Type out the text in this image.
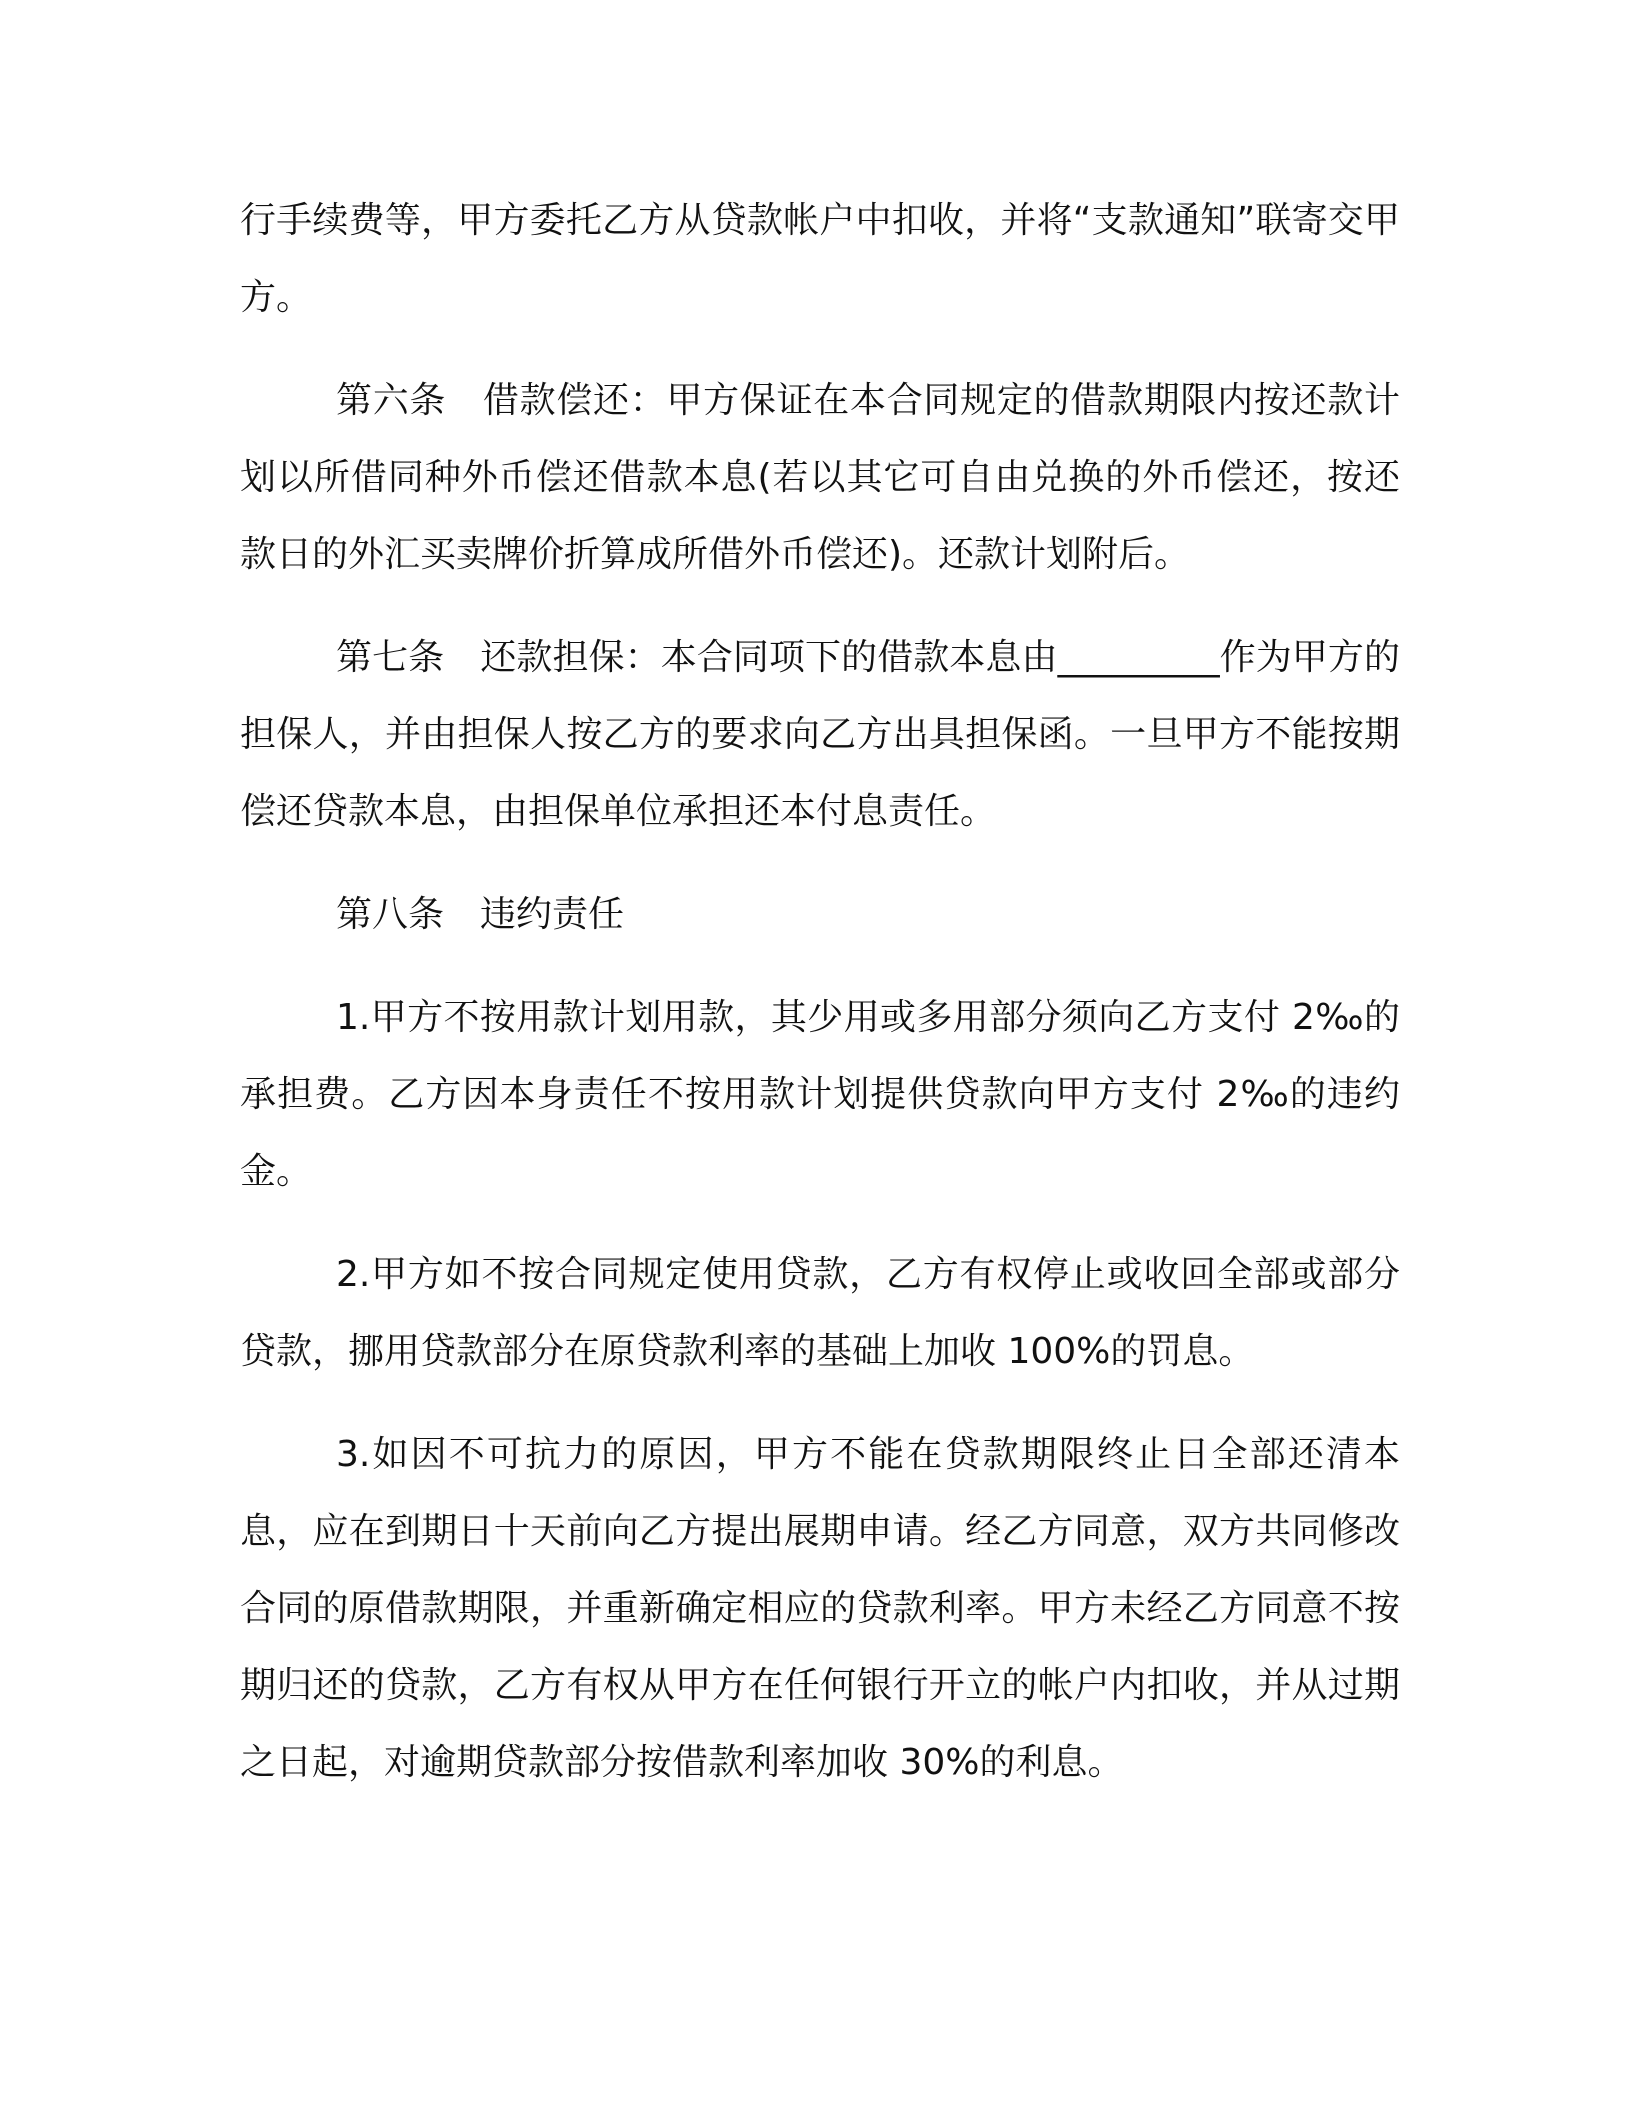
行手续费等，甲方委托乙方从贷款帐户中扣收，并将“支款通知”联寄交甲方。

第六条　借款偿还：甲方保证在本合同规定的借款期限内按还款计划以所借同种外币偿还借款本息(若以其它可自由兑换的外币偿还，按还款日的外汇买卖牌价折算成所借外币偿还)。还款计划附后。

第七条　还款担保：本合同项下的借款本息由_________作为甲方的担保人，并由担保人按乙方的要求向乙方出具担保函。一旦甲方不能按期偿还贷款本息，由担保单位承担还本付息责任。

第八条　违约责任

1.甲方不按用款计划用款，其少用或多用部分须向乙方支付 2‰的承担费。乙方因本身责任不按用款计划提供贷款向甲方支付 2‰的违约金。

2.甲方如不按合同规定使用贷款，乙方有权停止或收回全部或部分贷款，挪用贷款部分在原贷款利率的基础上加收 100%的罚息。

3.如因不可抗力的原因，甲方不能在贷款期限终止日全部还清本息，应在到期日十天前向乙方提出展期申请。经乙方同意，双方共同修改合同的原借款期限，并重新确定相应的贷款利率。甲方未经乙方同意不按期归还的贷款，乙方有权从甲方在任何银行开立的帐户内扣收，并从过期之日起，对逾期贷款部分按借款利率加收 30%的利息。
